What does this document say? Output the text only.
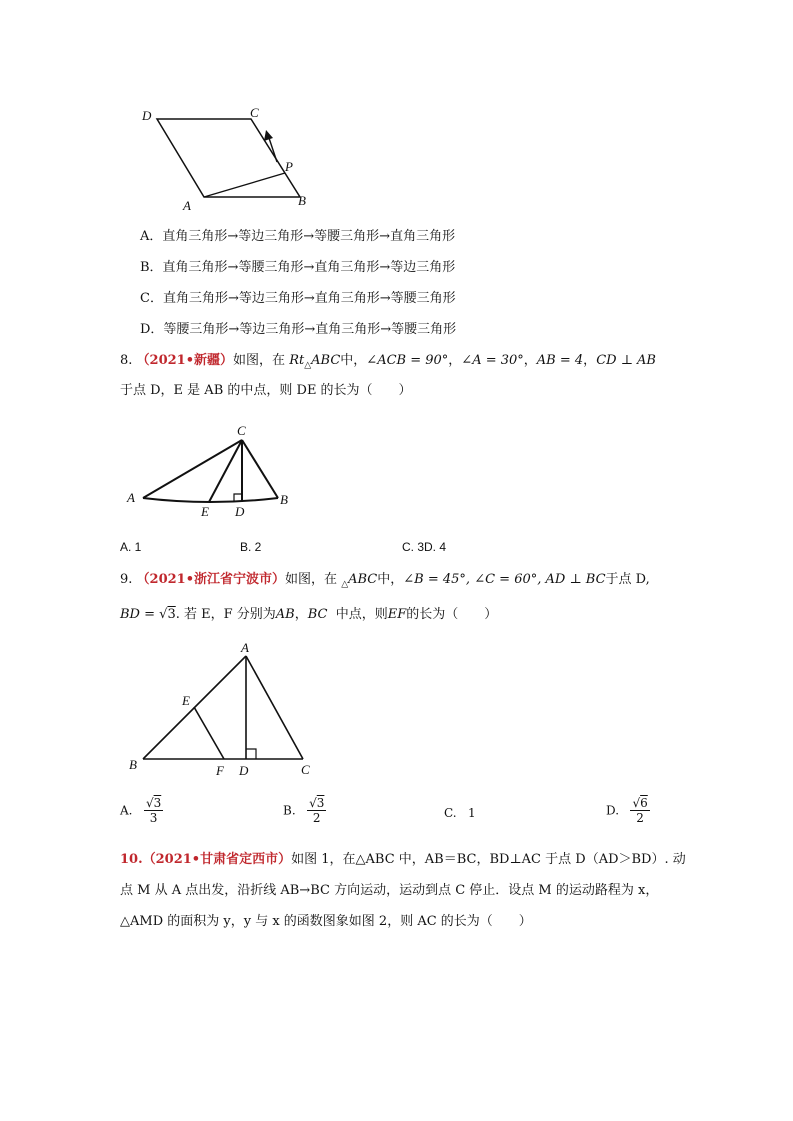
D	C
P
A	B
A．直角三角形→等边三角形→等腰三角形→直角三角形
B．直角三角形→等腰三角形→直角三角形→等边三角形
C．直角三角形→等边三角形→直角三角形→等腰三角形
D．等腰三角形→等边三角形→直角三角形→等腰三角形
8. （2021•新疆）如图，在 $Rt_\triangle ABC$中，∠ACB = 90°，∠A = 30°，AB = 4，CD ⊥ AB
于点 D，E 是 AB 的中点，则 DE 的长为（　　）
C
A
E D
B
A. 1	B. 2	C. 3D. 4
9. （2021•浙江省宁波市）如图，在 $_\triangle$ABC中，∠B = 45°, ∠C = 60°, AD ⊥ BC于点 D,
BD = √3. 若 E，F 分别为AB，BC 中点，则EF的长为（　　）
A
E
B	F D	C
A. $\frac{√3}{3}$	B. $\frac{√3}{2}$	C. 1	D. $\frac{√6}{2}$
10.（2021•甘肃省定西市）如图 1，在△ABC 中，AB＝BC，BD⊥AC 于点 D（AD＞BD）. 动
点 M 从 A 点出发，沿折线 AB→BC 方向运动，运动到点 C 停止．设点 M 的运动路程为 x，
△AMD 的面积为 y，y 与 x 的函数图象如图 2，则 AC 的长为（　　）
